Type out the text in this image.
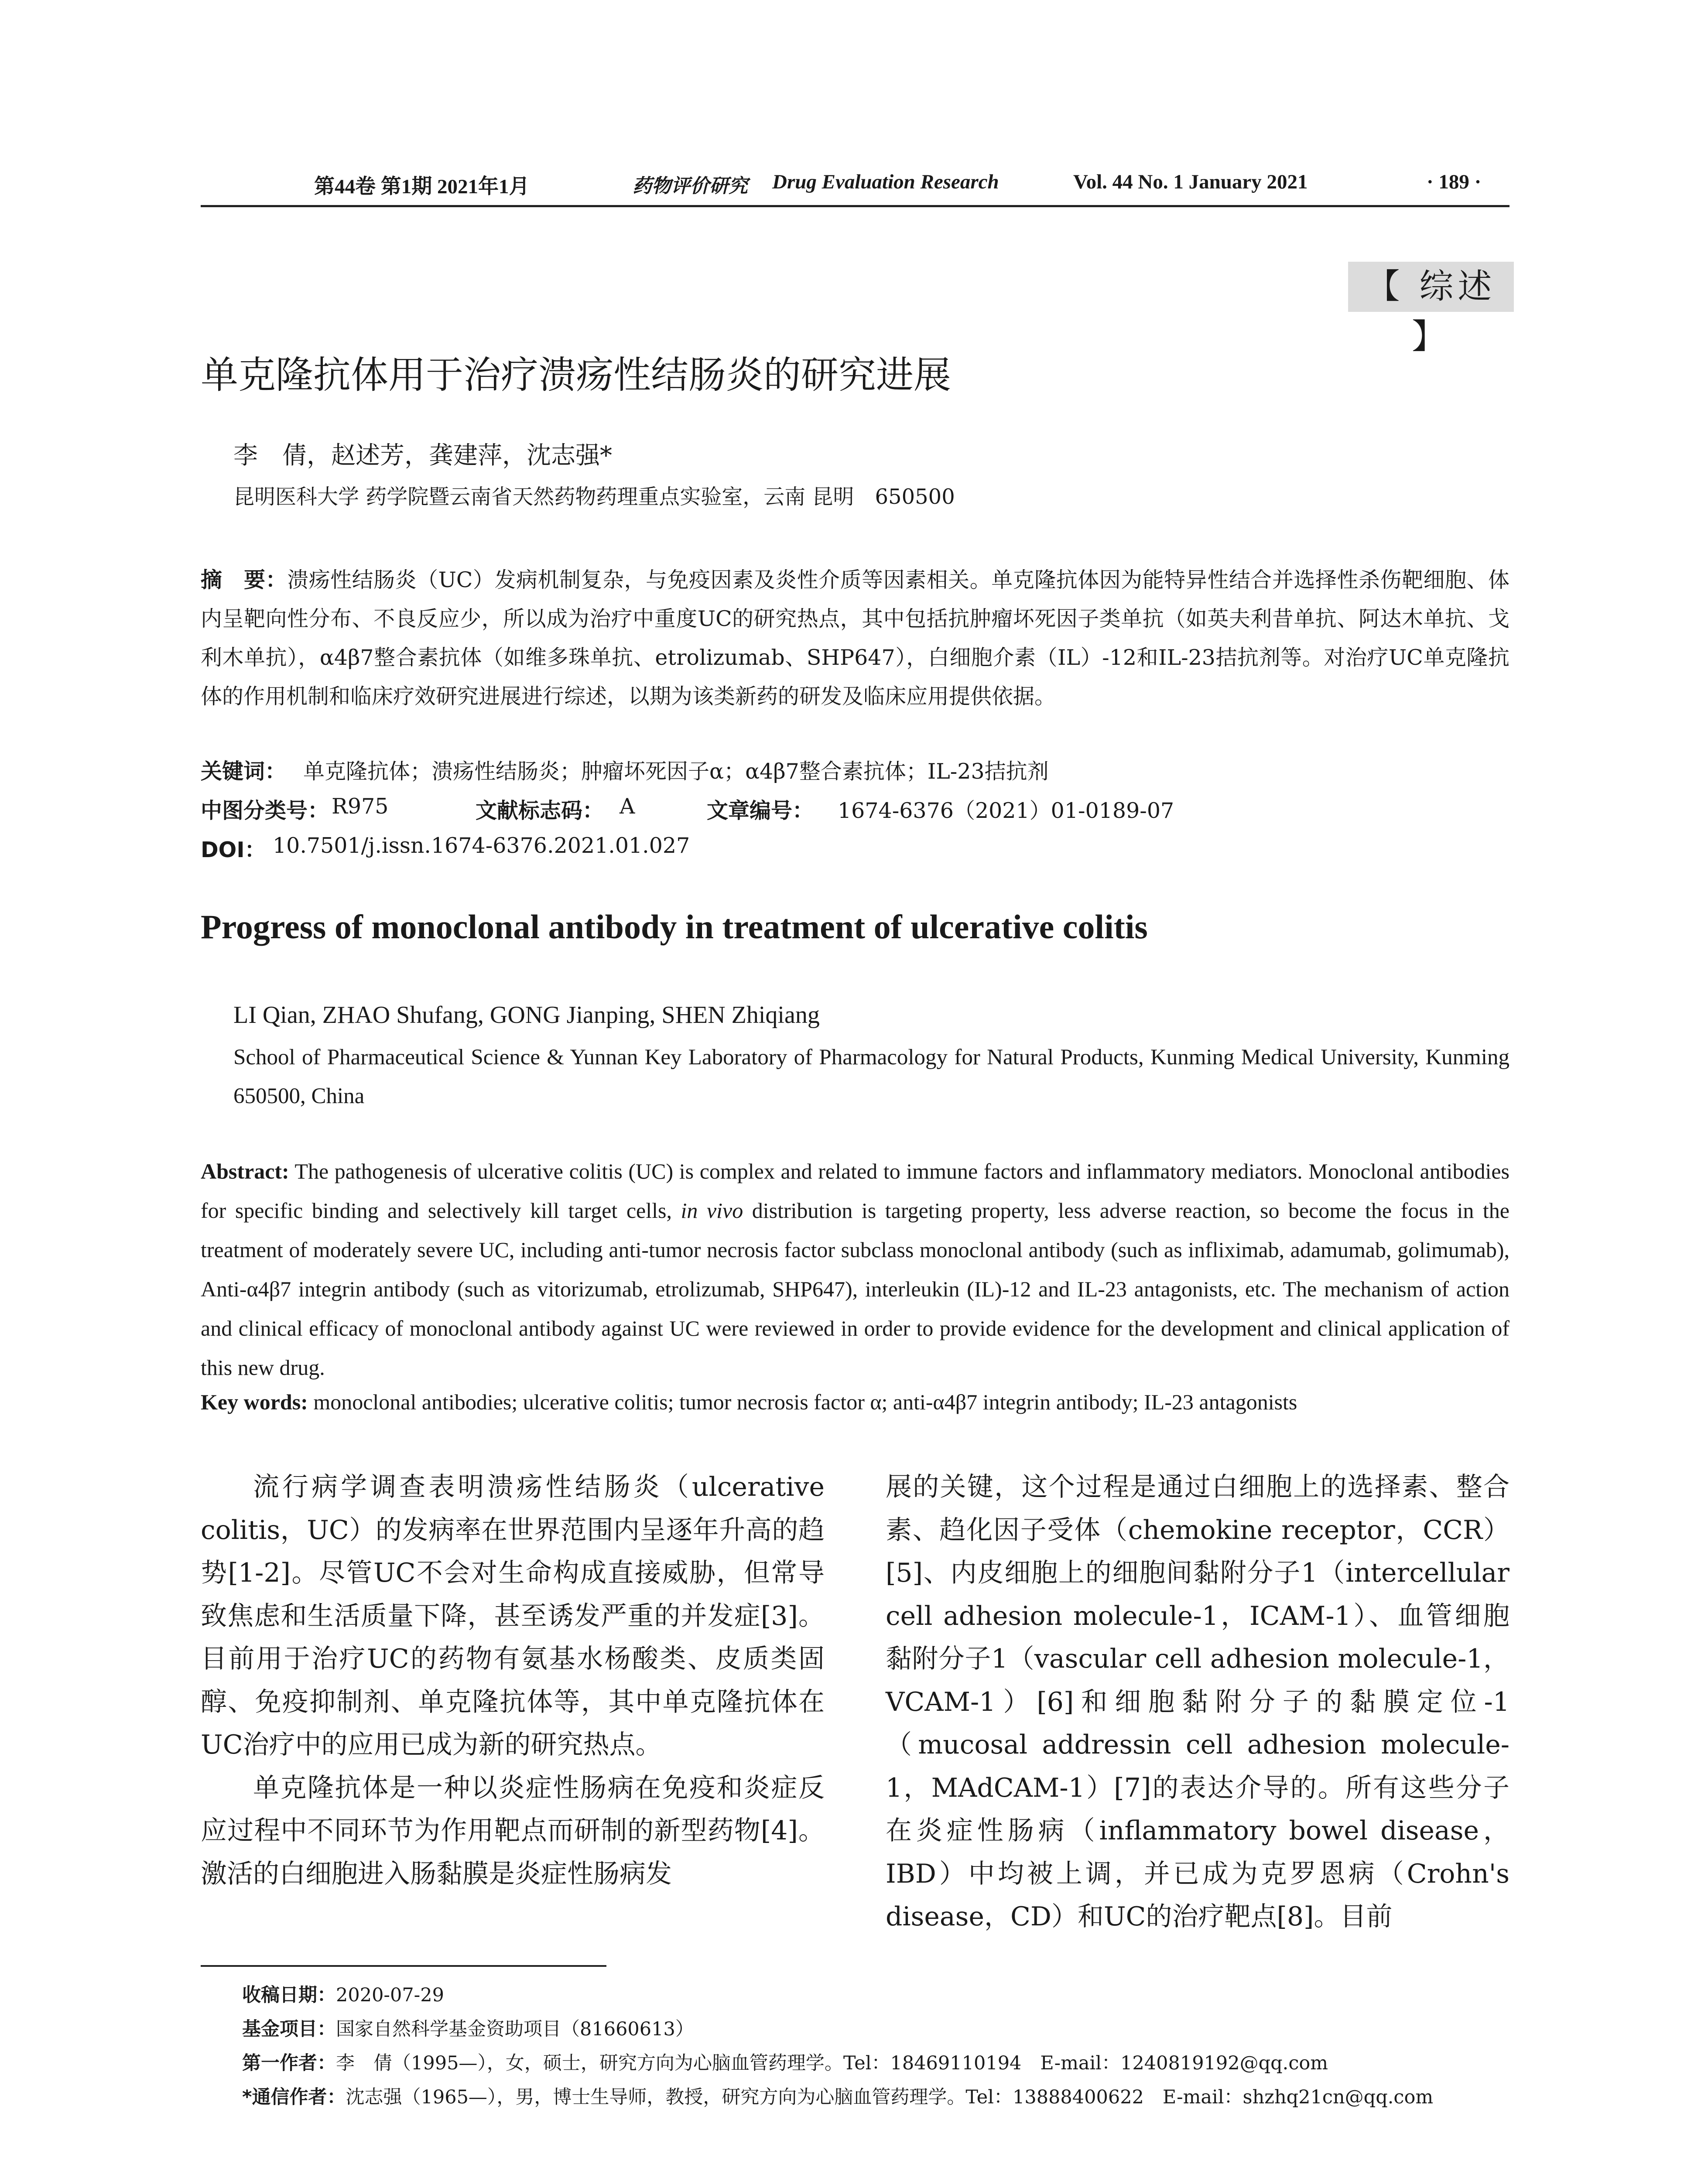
第44卷 第1期 2021年1月	药物评价研究 Drug Evaluation Research	Vol. 44 No. 1 January 2021	· 189 ·
【 综述 】
单克隆抗体用于治疗溃疡性结肠炎的研究进展
李　倩，赵述芳，龚建萍，沈志强*
昆明医科大学 药学院暨云南省天然药物药理重点实验室，云南 昆明　650500
摘　要：溃疡性结肠炎（UC）发病机制复杂，与免疫因素及炎性介质等因素相关。单克隆抗体因为能特异性结合并选择性杀伤靶细胞、体内呈靶向性分布、不良反应少，所以成为治疗中重度UC的研究热点，其中包括抗肿瘤坏死因子类单抗（如英夫利昔单抗、阿达木单抗、戈利木单抗），α4β7整合素抗体（如维多珠单抗、etrolizumab、SHP647），白细胞介素（IL）-12和IL-23拮抗剂等。对治疗UC单克隆抗体的作用机制和临床疗效研究进展进行综述，以期为该类新药的研发及临床应用提供依据。
关键词： 单克隆抗体；溃疡性结肠炎；肿瘤坏死因子α；α4β7整合素抗体；IL-23拮抗剂
中图分类号： R975	文献标志码： A	文章编号： 1674-6376（2021）01-0189-07
DOI： 10.7501/j.issn.1674-6376.2021.01.027
Progress of monoclonal antibody in treatment of ulcerative colitis
LI Qian, ZHAO Shufang, GONG Jianping, SHEN Zhiqiang
School of Pharmaceutical Science & Yunnan Key Laboratory of Pharmacology for Natural Products, Kunming Medical University, Kunming 650500, China
Abstract: The pathogenesis of ulcerative colitis (UC) is complex and related to immune factors and inflammatory mediators. Monoclonal antibodies for specific binding and selectively kill target cells, in vivo distribution is targeting property, less adverse reaction, so become the focus in the treatment of moderately severe UC, including anti-tumor necrosis factor subclass monoclonal antibody (such as infliximab, adamumab, golimumab), Anti-α4β7 integrin antibody (such as vitorizumab, etrolizumab, SHP647), interleukin (IL)-12 and IL-23 antagonists, etc. The mechanism of action and clinical efficacy of monoclonal antibody against UC were reviewed in order to provide evidence for the development and clinical application of this new drug.
Key words: monoclonal antibodies; ulcerative colitis; tumor necrosis factor α; anti-α4β7 integrin antibody; IL-23 antagonists

流行病学调查表明溃疡性结肠炎（ulcerative colitis，UC）的发病率在世界范围内呈逐年升高的趋势[1-2]。尽管UC不会对生命构成直接威胁，但常导致焦虑和生活质量下降，甚至诱发严重的并发症[3]。目前用于治疗UC的药物有氨基水杨酸类、皮质类固醇、免疫抑制剂、单克隆抗体等，其中单克隆抗体在UC治疗中的应用已成为新的研究热点。

单克隆抗体是一种以炎症性肠病在免疫和炎症反应过程中不同环节为作用靶点而研制的新型药物[4]。激活的白细胞进入肠黏膜是炎症性肠病发

展的关键，这个过程是通过白细胞上的选择素、整合素、趋化因子受体（chemokine receptor，CCR）[5]、内皮细胞上的细胞间黏附分子1（intercellular cell adhesion molecule-1，ICAM-1）、血管细胞黏附分子1（vascular cell adhesion molecule-1，VCAM-1）[6]和细胞黏附分子的黏膜定位-1（mucosal addressin cell adhesion molecule-1，MAdCAM-1）[7]的表达介导的。所有这些分子在炎症性肠病（inflammatory bowel disease，IBD）中均被上调，并已成为克罗恩病（Crohn's disease，CD）和UC的治疗靶点[8]。目前

收稿日期：2020-07-29
基金项目：国家自然科学基金资助项目（81660613）
第一作者：李　倩（1995—），女，硕士，研究方向为心脑血管药理学。Tel：18469110194　E-mail：1240819192@qq.com
*通信作者：沈志强（1965—），男，博士生导师，教授，研究方向为心脑血管药理学。Tel：13888400622　E-mail：shzhq21cn@qq.com
